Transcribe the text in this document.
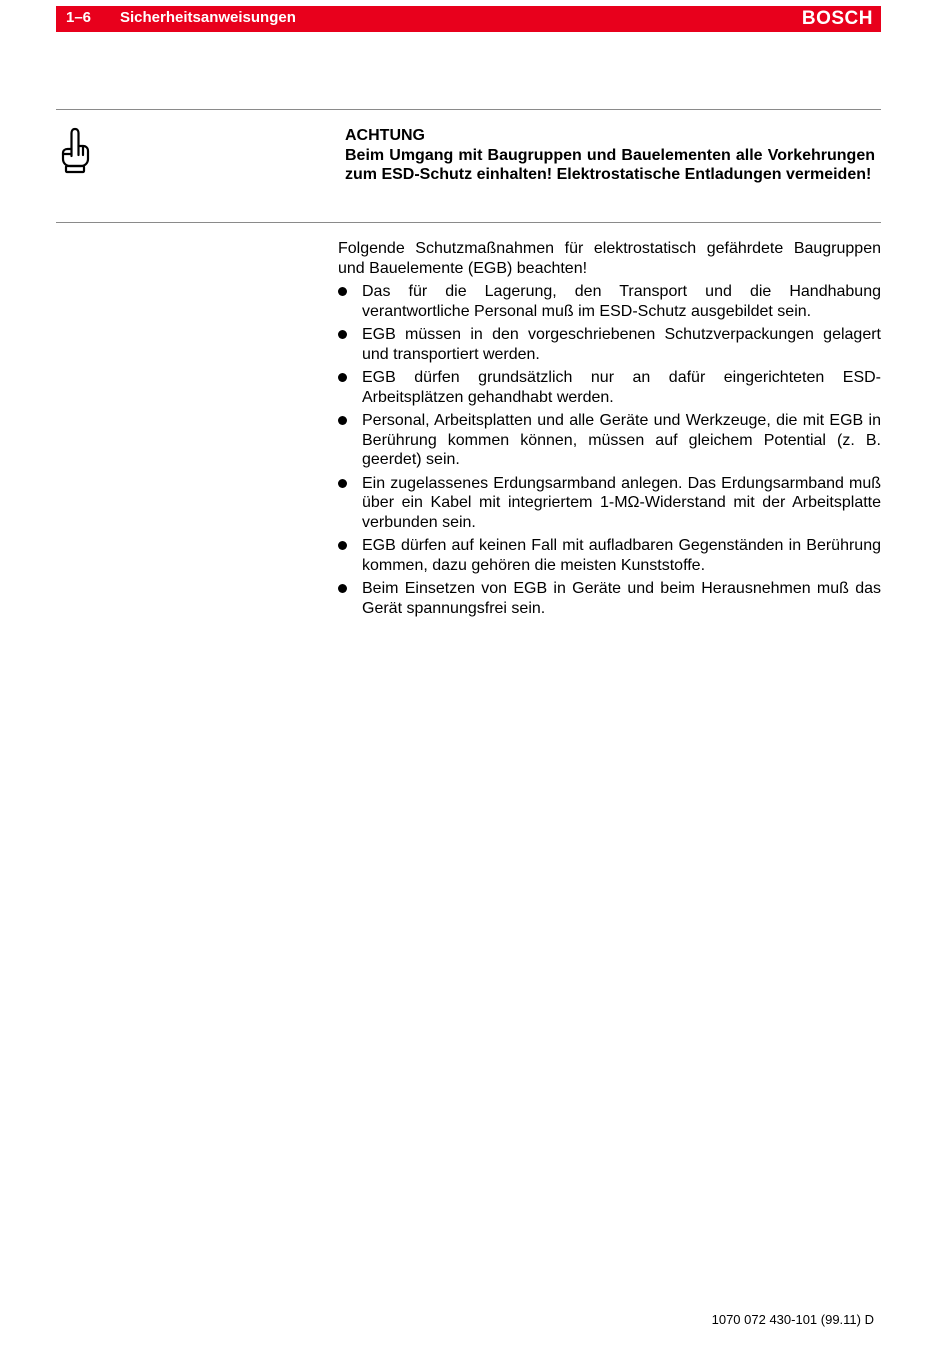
1–6 Sicherheitsanweisungen	BOSCH
ACHTUNG
Beim Umgang mit Baugruppen und Bauelementen alle Vorkehrungen zum ESD-Schutz einhalten! Elektrostatische Entladungen vermeiden!

Folgende Schutzmaßnahmen für elektrostatisch gefährdete Baugruppen und Bauelemente (EGB) beachten!

Das für die Lagerung, den Transport und die Handhabung verantwortliche Personal muß im ESD-Schutz ausgebildet sein.
EGB müssen in den vorgeschriebenen Schutzverpackungen gelagert und transportiert werden.
EGB dürfen grundsätzlich nur an dafür eingerichteten ESD-Arbeitsplätzen gehandhabt werden.
Personal, Arbeitsplatten und alle Geräte und Werkzeuge, die mit EGB in Berührung kommen können, müssen auf gleichem Potential (z. B. geerdet) sein.
Ein zugelassenes Erdungsarmband anlegen. Das Erdungsarmband muß über ein Kabel mit integriertem 1-MΩ-Widerstand mit der Arbeitsplatte verbunden sein.
EGB dürfen auf keinen Fall mit aufladbaren Gegenständen in Berührung kommen, dazu gehören die meisten Kunststoffe.
Beim Einsetzen von EGB in Geräte und beim Herausnehmen muß das Gerät spannungsfrei sein.
1070 072 430-101 (99.11) D
